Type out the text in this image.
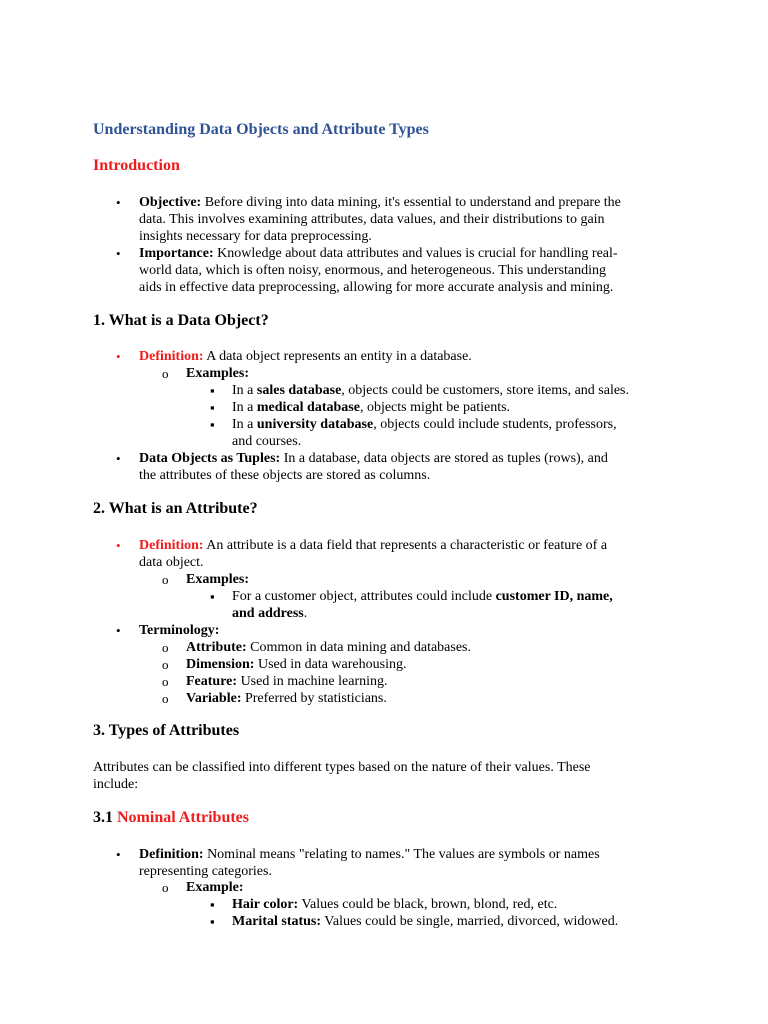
Understanding Data Objects and Attribute Types
Introduction
• Objective: Before diving into data mining, it's essential to understand and prepare the
data. This involves examining attributes, data values, and their distributions to gain
insights necessary for data preprocessing.
• Importance: Knowledge about data attributes and values is crucial for handling real-
world data, which is often noisy, enormous, and heterogeneous. This understanding
aids in effective data preprocessing, allowing for more accurate analysis and mining.
1. What is a Data Object?
• Definition: A data object represents an entity in a database.
o Examples:
▪ In a sales database, objects could be customers, store items, and sales.
▪ In a medical database, objects might be patients.
▪ In a university database, objects could include students, professors,
and courses.
• Data Objects as Tuples: In a database, data objects are stored as tuples (rows), and
the attributes of these objects are stored as columns.
2. What is an Attribute?
• Definition: An attribute is a data field that represents a characteristic or feature of a
data object.
o Examples:
▪ For a customer object, attributes could include customer ID, name,
and address.
• Terminology:
o Attribute: Common in data mining and databases.
o Dimension: Used in data warehousing.
o Feature: Used in machine learning.
o Variable: Preferred by statisticians.
3. Types of Attributes
Attributes can be classified into different types based on the nature of their values. These
include:
3.1 Nominal Attributes
• Definition: Nominal means "relating to names." The values are symbols or names
representing categories.
o Example:
▪ Hair color: Values could be black, brown, blond, red, etc.
▪ Marital status: Values could be single, married, divorced, widowed.
